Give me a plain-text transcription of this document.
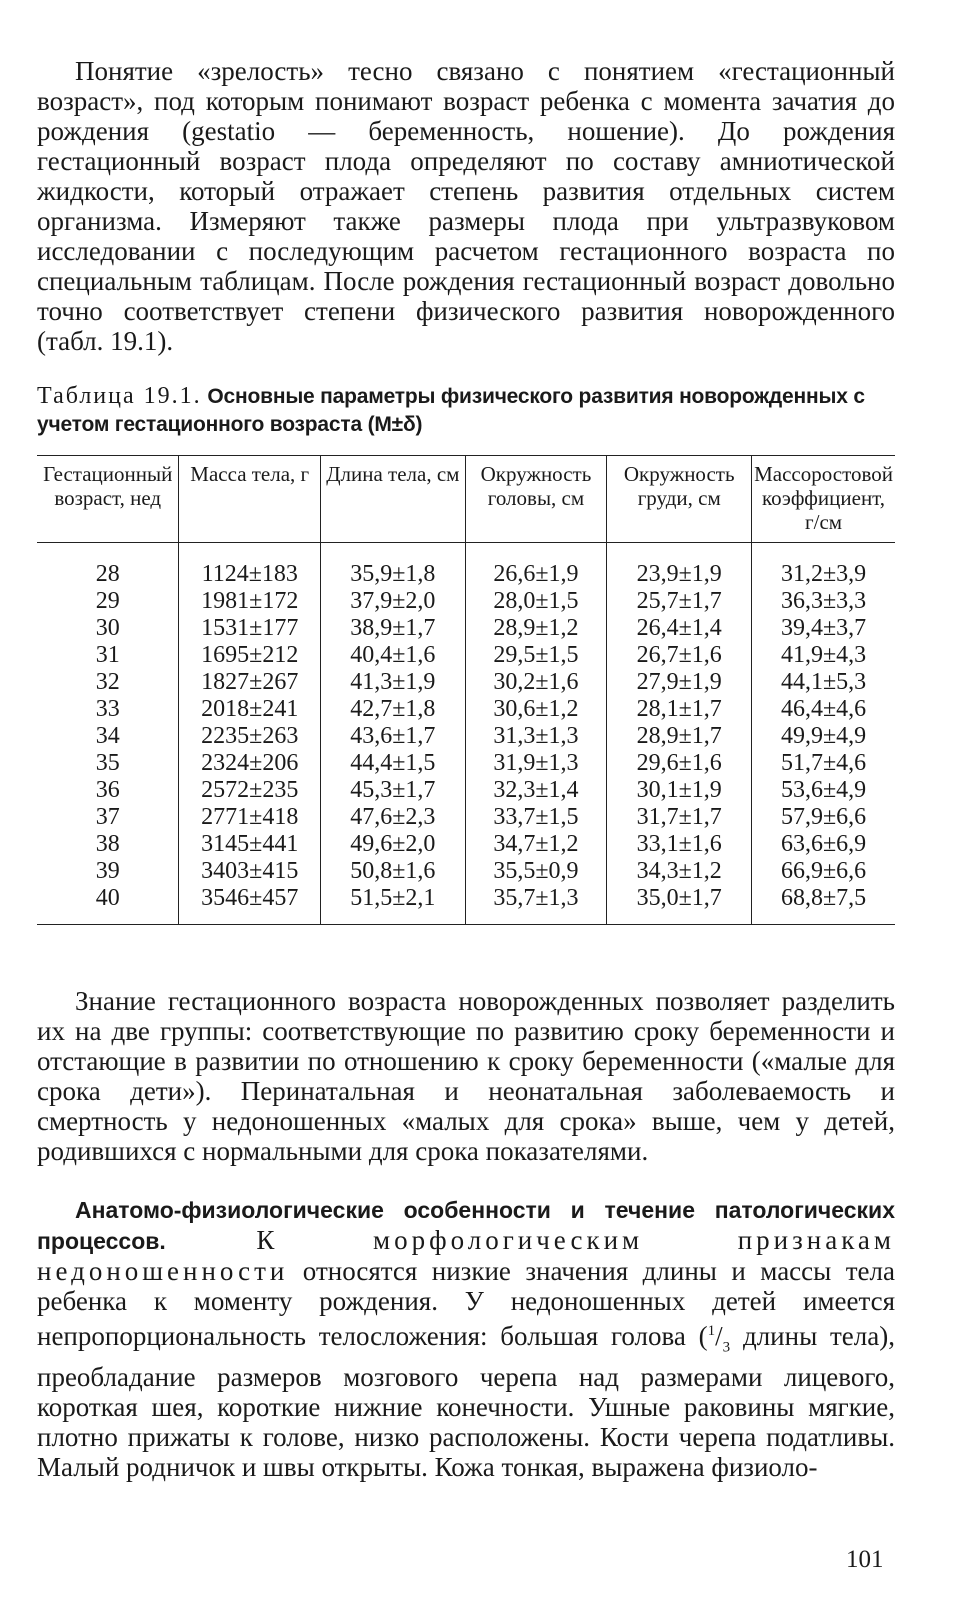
Понятие «зрелость» тесно связано с понятием «гестационный возраст», под которым понимают возраст ребенка с момента зачатия до рождения (gestatio — беременность, ношение). До рождения гестационный возраст плода определяют по составу амниотической жидкости, который отражает степень развития отдельных систем организма. Измеряют также размеры плода при ультразвуковом исследовании с последующим расчетом гестационного возраста по специальным таблицам. После рождения гестационный возраст довольно точно соответствует степени физического развития новорожденного (табл. 19.1).

Таблица 19.1. Основные параметры физического развития новорожденных с учетом гестационного возраста (M±δ)
Гестационный возраст, нед	Масса тела, г	Длина тела, см	Окружность головы, см	Окружность груди, см	Массоростовой коэффициент, г/см
28	1124±183	35,9±1,8	26,6±1,9	23,9±1,9	31,2±3,9
29	1981±172	37,9±2,0	28,0±1,5	25,7±1,7	36,3±3,3
30	1531±177	38,9±1,7	28,9±1,2	26,4±1,4	39,4±3,7
31	1695±212	40,4±1,6	29,5±1,5	26,7±1,6	41,9±4,3
32	1827±267	41,3±1,9	30,2±1,6	27,9±1,9	44,1±5,3
33	2018±241	42,7±1,8	30,6±1,2	28,1±1,7	46,4±4,6
34	2235±263	43,6±1,7	31,3±1,3	28,9±1,7	49,9±4,9
35	2324±206	44,4±1,5	31,9±1,3	29,6±1,6	51,7±4,6
36	2572±235	45,3±1,7	32,3±1,4	30,1±1,9	53,6±4,9
37	2771±418	47,6±2,3	33,7±1,5	31,7±1,7	57,9±6,6
38	3145±441	49,6±2,0	34,7±1,2	33,1±1,6	63,6±6,9
39	3403±415	50,8±1,6	35,5±0,9	34,3±1,2	66,9±6,6
40	3546±457	51,5±2,1	35,7±1,3	35,0±1,7	68,8±7,5

Знание гестационного возраста новорожденных позволяет разделить их на две группы: соответствующие по развитию сроку беременности и отстающие в развитии по отношению к сроку беременности («малые для срока дети»). Перинатальная и неонатальная заболеваемость и смертность у недоношенных «малых для срока» выше, чем у детей, родившихся с нормальными для срока показателями.

Анатомо-физиологические особенности и течение патологических процессов.	К морфологическим признакам недоношенности относятся низкие значения длины и массы тела ребенка к моменту рождения. У недоношенных детей имеется непропорциональность телосложения: большая голова ($^1/_3$ длины тела), преобладание размеров мозгового черепа над размерами лицевого, короткая шея, короткие нижние конечности. Ушные раковины мягкие, плотно прижаты к голове, низко расположены. Кости черепа податливы. Малый родничок и швы открыты. Кожа тонкая, выражена физиоло-

101
